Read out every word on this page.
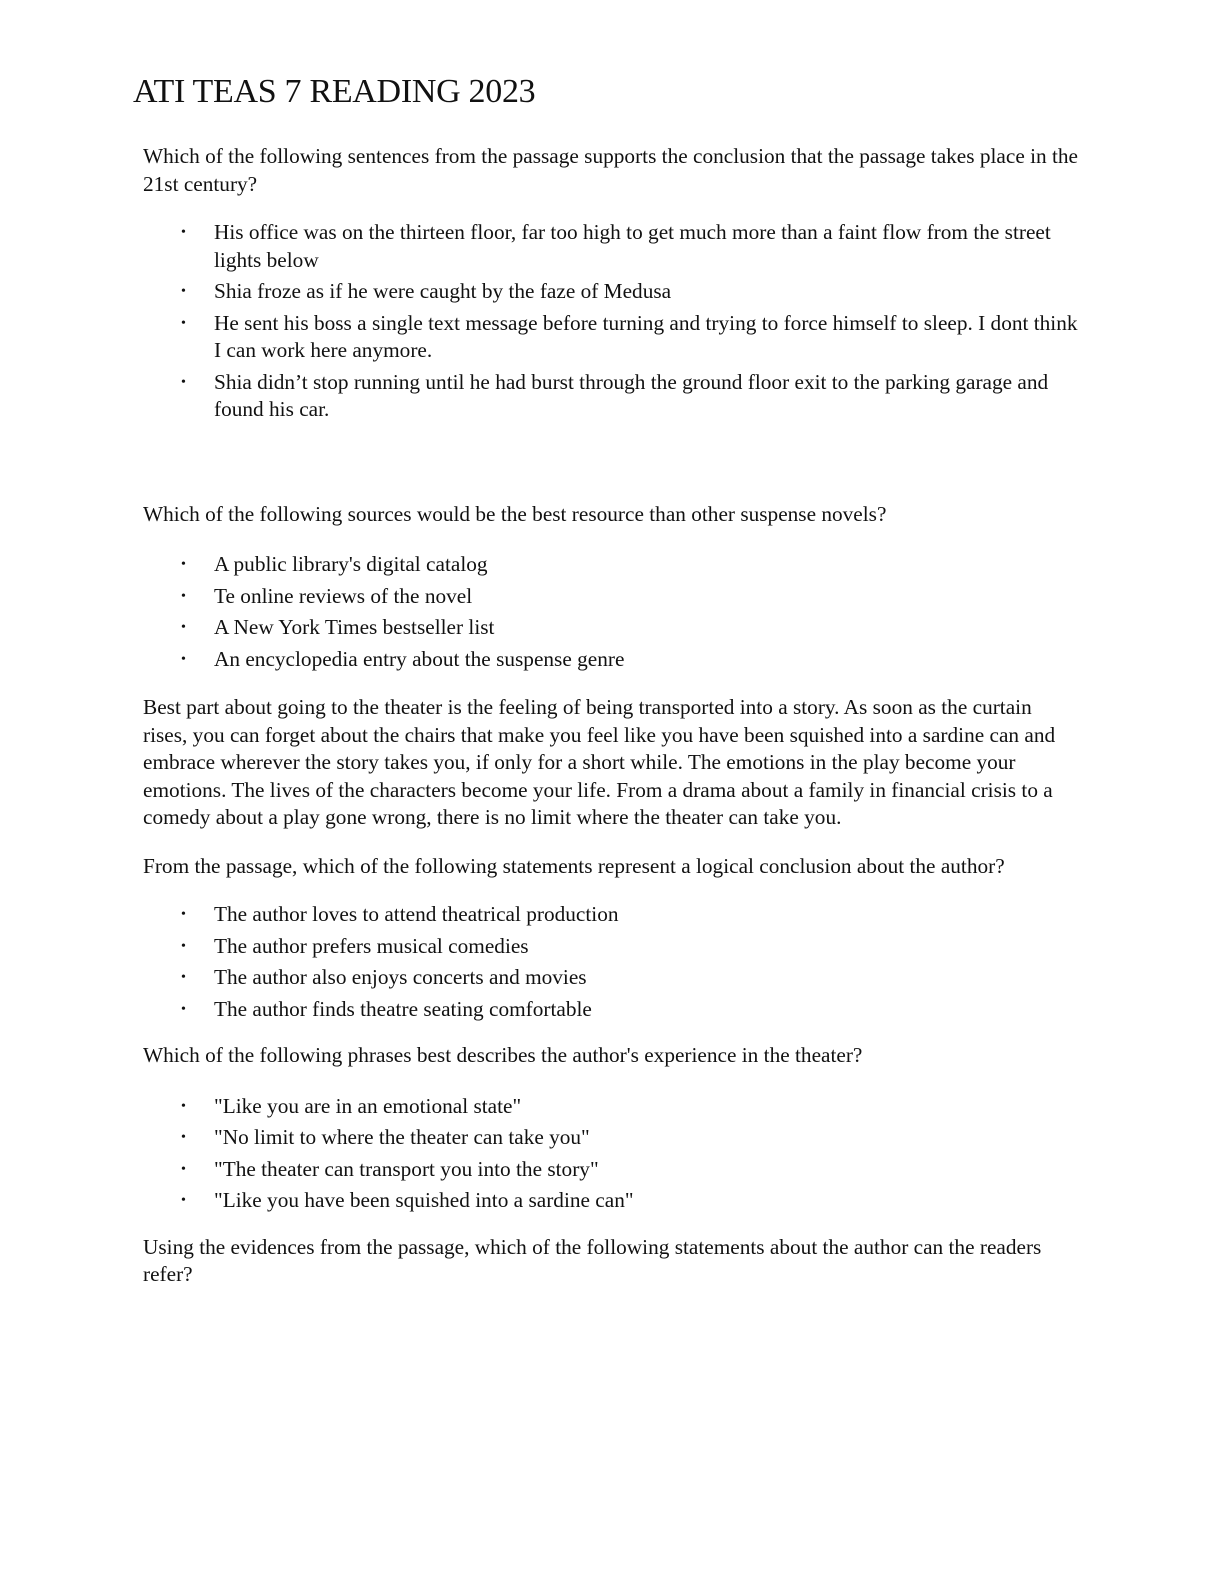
ATI TEAS 7 READING 2023

Which of the following sentences from the passage supports the conclusion that the passage takes place in the 21st century?

• His office was on the thirteen floor, far too high to get much more than a faint flow from the street lights below
• Shia froze as if he were caught by the faze of Medusa
• He sent his boss a single text message before turning and trying to force himself to sleep. I dont think I can work here anymore.
• Shia didn’t stop running until he had burst through the ground floor exit to the parking garage and found his car.

Which of the following sources would be the best resource than other suspense novels?

• A public library's digital catalog
• Te online reviews of the novel
• A New York Times bestseller list
• An encyclopedia entry about the suspense genre

Best part about going to the theater is the feeling of being transported into a story. As soon as the curtain rises, you can forget about the chairs that make you feel like you have been squished into a sardine can and embrace wherever the story takes you, if only for a short while. The emotions in the play become your emotions. The lives of the characters become your life. From a drama about a family in financial crisis to a comedy about a play gone wrong, there is no limit where the theater can take you.

From the passage, which of the following statements represent a logical conclusion about the author?

• The author loves to attend theatrical production
• The author prefers musical comedies
• The author also enjoys concerts and movies
• The author finds theatre seating comfortable

Which of the following phrases best describes the author's experience in the theater?

• "Like you are in an emotional state"
• "No limit to where the theater can take you"
• "The theater can transport you into the story"
• "Like you have been squished into a sardine can"

Using the evidences from the passage, which of the following statements about the author can the readers refer?
